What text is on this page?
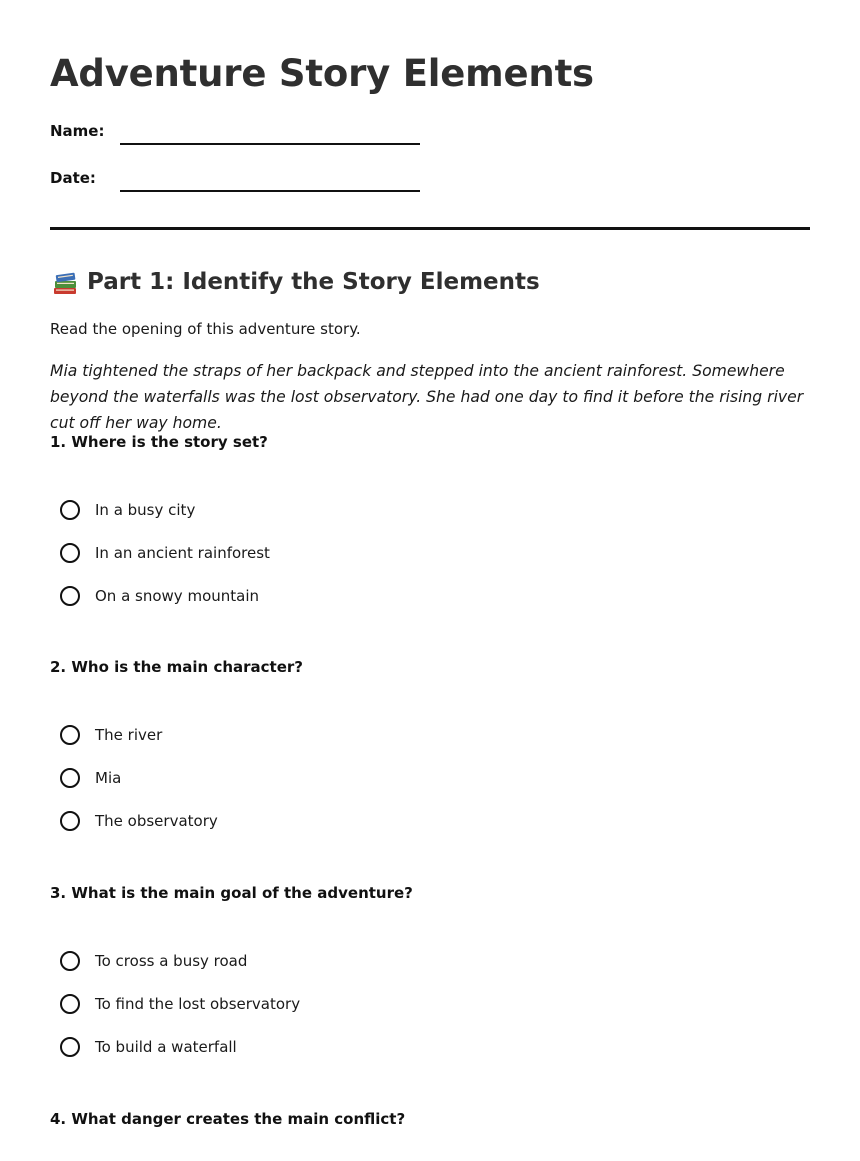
Adventure Story Elements
Name:
Date:
Part 1: Identify the Story Elements
Read the opening of this adventure story.

Mia tightened the straps of her backpack and stepped into the ancient rainforest. Somewhere beyond the waterfalls was the lost observatory. She had one day to find it before the rising river cut off her way home.

1. Where is the story set?
In a busy city
In an ancient rainforest
On a snowy mountain
2. Who is the main character?
The river
Mia
The observatory
3. What is the main goal of the adventure?
To cross a busy road
To find the lost observatory
To build a waterfall
4. What danger creates the main conflict?
